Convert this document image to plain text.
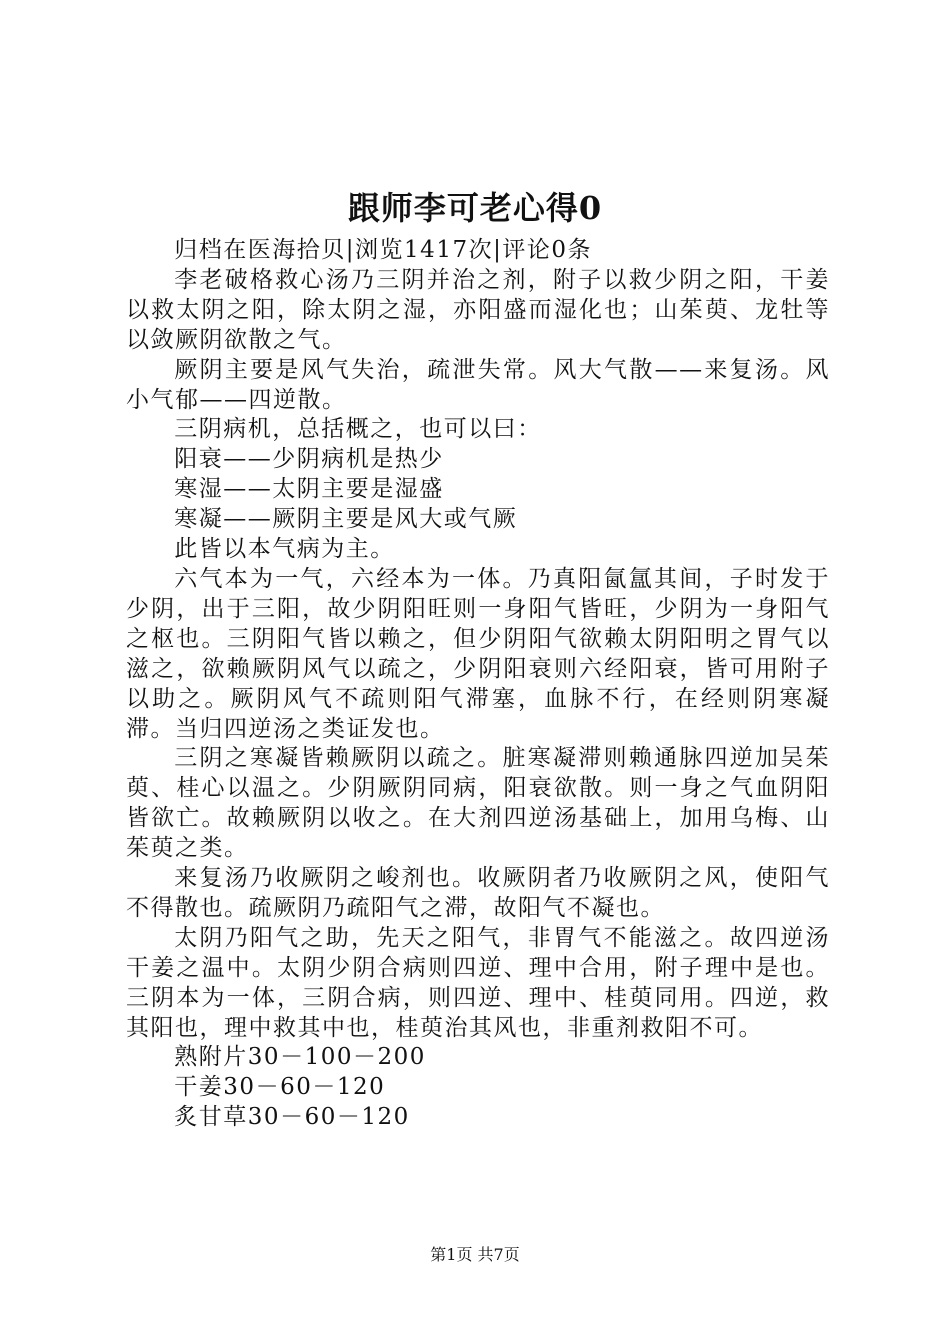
跟师李可老心得0

归档在医海拾贝|浏览1417次|评论0条

李老破格救心汤乃三阴并治之剂，附子以救少阴之阳，干姜以救太阴之阳，除太阴之湿，亦阳盛而湿化也；山茱萸、龙牡等以敛厥阴欲散之气。

厥阴主要是风气失治，疏泄失常。风大气散——来复汤。风小气郁——四逆散。

三阴病机，总括概之，也可以曰：

阳衰——少阴病机是热少

寒湿——太阴主要是湿盛

寒凝——厥阴主要是风大或气厥

此皆以本气病为主。

六气本为一气，六经本为一体。乃真阳氤氲其间，子时发于少阴，出于三阳，故少阴阳旺则一身阳气皆旺，少阴为一身阳气之枢也。三阴阳气皆以赖之，但少阴阳气欲赖太阴阳明之胃气以滋之，欲赖厥阴风气以疏之，少阴阳衰则六经阳衰，皆可用附子以助之。厥阴风气不疏则阳气滞塞，血脉不行，在经则阴寒凝滞。当归四逆汤之类证发也。

三阴之寒凝皆赖厥阴以疏之。脏寒凝滞则赖通脉四逆加吴茱萸、桂心以温之。少阴厥阴同病，阳衰欲散。则一身之气血阴阳皆欲亡。故赖厥阴以收之。在大剂四逆汤基础上，加用乌梅、山茱萸之类。

来复汤乃收厥阴之峻剂也。收厥阴者乃收厥阴之风，使阳气不得散也。疏厥阴乃疏阳气之滞，故阳气不凝也。

太阴乃阳气之助，先天之阳气，非胃气不能滋之。故四逆汤干姜之温中。太阴少阴合病则四逆、理中合用，附子理中是也。三阴本为一体，三阴合病，则四逆、理中、桂萸同用。四逆，救其阳也，理中救其中也，桂萸治其风也，非重剂救阳不可。

熟附片30－100－200

干姜30－60－120

炙甘草30－60－120

第1页 共7页
